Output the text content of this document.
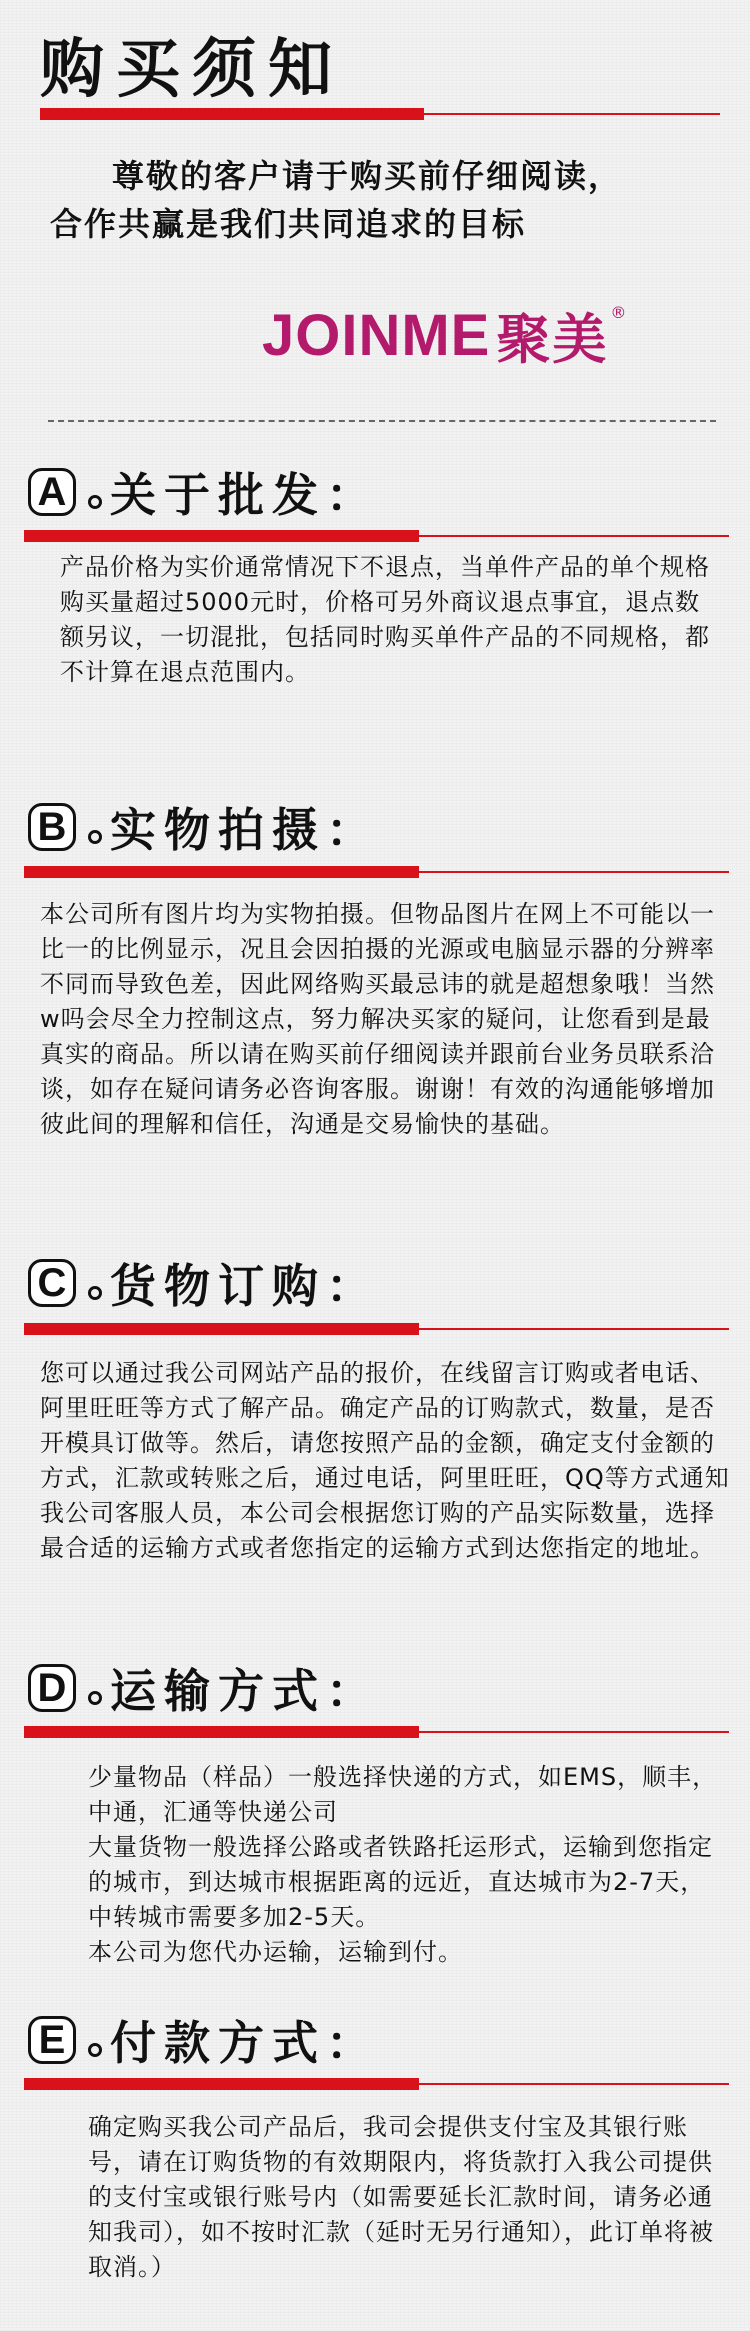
购买须知
尊敬的客户请于购买前仔细阅读，
合作共赢是我们共同追求的目标
JOINME 聚美 ®
A 关于批发：
产品价格为实价通常情况下不退点，当单件产品的单个规格购买量超过5000元时，价格可另外商议退点事宜，退点数额另议，一切混批，包括同时购买单件产品的不同规格，都不计算在退点范围内。
B 实物拍摄：
本公司所有图片均为实物拍摄。但物品图片在网上不可能以一比一的比例显示，况且会因拍摄的光源或电脑显示器的分辨率不同而导致色差，因此网络购买最忌讳的就是超想象哦！当然w吗会尽全力控制这点，努力解决买家的疑问，让您看到是最真实的商品。所以请在购买前仔细阅读并跟前台业务员联系洽谈，如存在疑问请务必咨询客服。谢谢！有效的沟通能够增加彼此间的理解和信任，沟通是交易愉快的基础。
C 货物订购：
您可以通过我公司网站产品的报价，在线留言订购或者电话、阿里旺旺等方式了解产品。确定产品的订购款式，数量，是否开模具订做等。然后，请您按照产品的金额，确定支付金额的方式，汇款或转账之后，通过电话，阿里旺旺，QQ等方式通知我公司客服人员，本公司会根据您订购的产品实际数量，选择最合适的运输方式或者您指定的运输方式到达您指定的地址。
D 运输方式：
少量物品（样品）一般选择快递的方式，如EMS，顺丰，中通，汇通等快递公司
大量货物一般选择公路或者铁路托运形式，运输到您指定的城市，到达城市根据距离的远近，直达城市为2-7天，中转城市需要多加2-5天。
本公司为您代办运输，运输到付。
E 付款方式：
确定购买我公司产品后，我司会提供支付宝及其银行账号，请在订购货物的有效期限内，将货款打入我公司提供的支付宝或银行账号内（如需要延长汇款时间，请务必通知我司），如不按时汇款（延时无另行通知），此订单将被取消。）
